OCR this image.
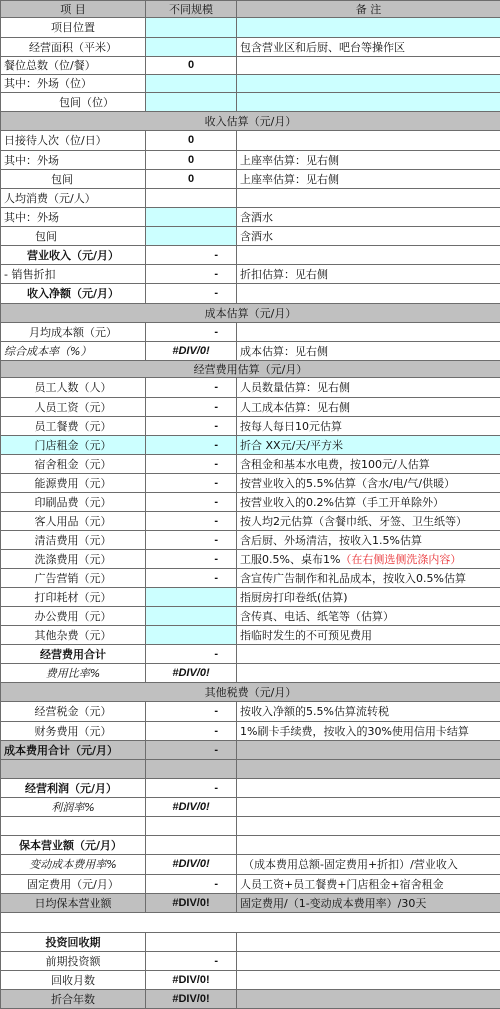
项 目	不同规模	备 注
项目位置		
经营面积（平米）		包含营业区和后厨、吧台等操作区
餐位总数（位/餐）	0	
其中：外场（位）		
包间（位）		
收入估算（元/月）		
日接待人次（位/日）	0	
其中：外场	0	上座率估算：见右侧
包间	0	上座率估算：见右侧
人均消费（元/人）		
其中：外场		含酒水
包间		含酒水
营业收入（元/月）	-	
- 销售折扣	-	折扣估算：见右侧
收入净额（元/月）	-	
成本估算（元/月）		
月均成本额（元）	-	
综合成本率（%）	#DIV/0!	成本估算：见右侧
经营费用估算（元/月）		
员工人数（人）	-	人员数量估算：见右侧
人员工资（元）	-	人工成本估算：见右侧
员工餐费（元）	-	按每人每日10元估算
门店租金（元）	-	折合 XX元/天/平方米
宿舍租金（元）	-	含租金和基本水电费，按100元/人估算
能源费用（元）	-	按营业收入的5.5%估算（含水/电/气/供暖）
印刷品费（元）	-	按营业收入的0.2%估算（手工开单除外）
客人用品（元）	-	按人均2元估算（含餐巾纸、牙签、卫生纸等）
清洁费用（元）	-	含后厨、外场清洁，按收入1.5%估算
洗涤费用（元）	-	工服0.5%、桌布1%（在右侧选侧洗涤内容）
广告营销（元）	-	含宣传广告制作和礼品成本，按收入0.5%估算
打印耗材（元）		指厨房打印卷纸(估算)
办公费用（元）		含传真、电话、纸笔等（估算）
其他杂费（元）		指临时发生的不可预见费用
经营费用合计	-	
费用比率%	#DIV/0!	
其他税费（元/月）		
经营税金（元）	-	按收入净额的5.5%估算流转税
财务费用（元）	-	1%刷卡手续费，按收入的30%使用信用卡结算
成本费用合计（元/月）	-	

经营利润（元/月）	-	
利润率%	#DIV/0!	

保本营业额（元/月）		
变动成本费用率%	#DIV/0!	（成本费用总额-固定费用+折扣）/营业收入
固定费用（元/月）	-	人员工资+员工餐费+门店租金+宿舍租金
日均保本营业额	#DIV/0!	固定费用/（1-变动成本费用率）/30天

投资回收期		
前期投资额	-	
回收月数	#DIV/0!	
折合年数	#DIV/0!	
